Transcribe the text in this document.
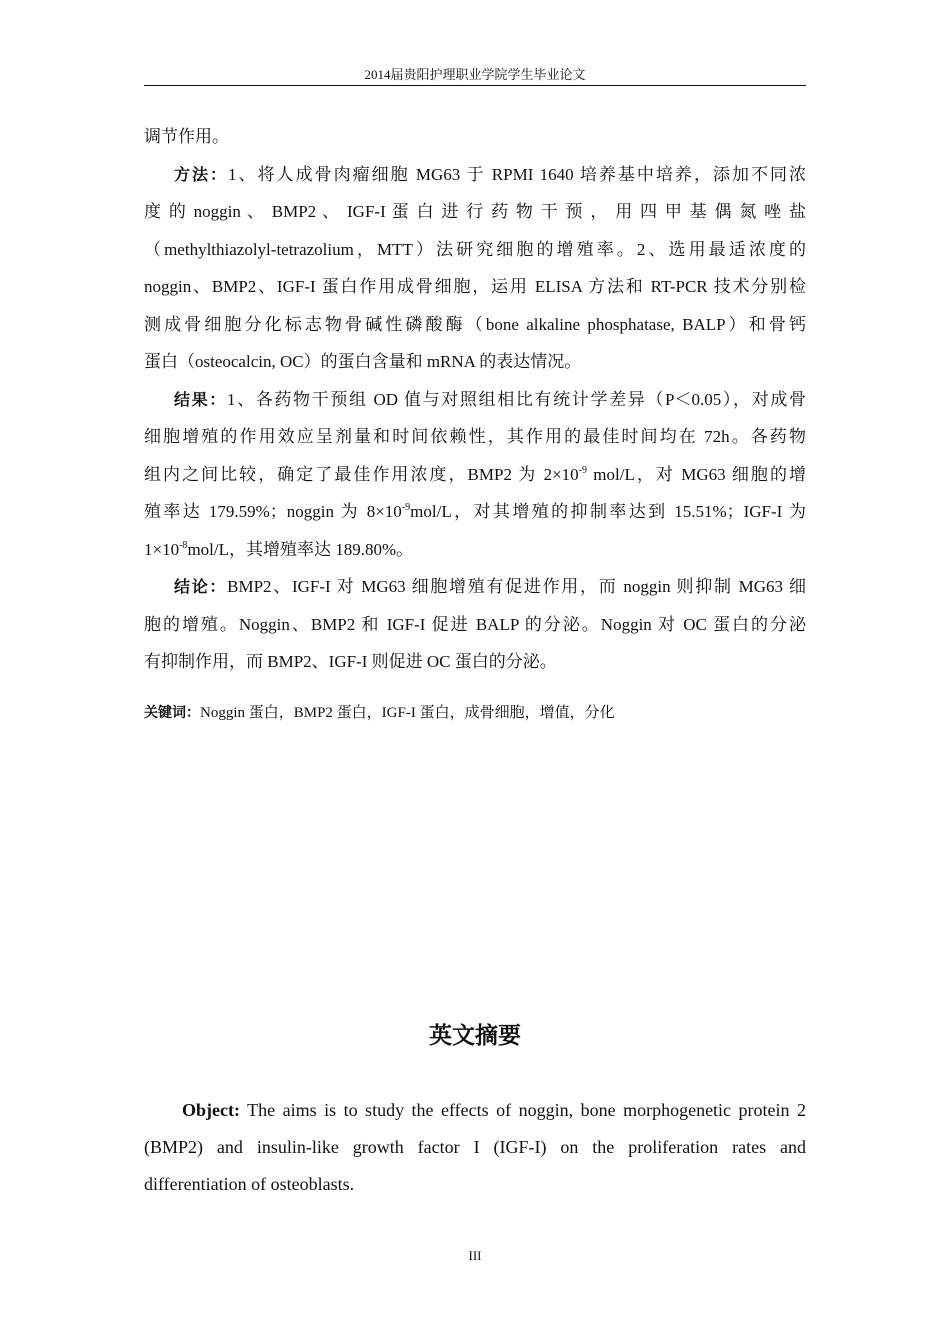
2014届贵阳护理职业学院学生毕业论文

调节作用。

方法：1、将人成骨肉瘤细胞 MG63 于 RPMI 1640 培养基中培养，添加不同浓
度 的 noggin 、 BMP2 、 IGF-I 蛋 白 进 行 药 物 干 预 ， 用 四 甲 基 偶 氮 唑 盐
（methylthiazolyl-tetrazolium，MTT）法研究细胞的增殖率。2、选用最适浓度的
noggin、BMP2、IGF-I 蛋白作用成骨细胞，运用 ELISA 方法和 RT-PCR 技术分别检
测成骨细胞分化标志物骨碱性磷酸酶（bone alkaline phosphatase, BALP）和骨钙
蛋白（osteocalcin, OC）的蛋白含量和 mRNA 的表达情况。

结果：1、各药物干预组 OD 值与对照组相比有统计学差异（P＜0.05），对成骨
细胞增殖的作用效应呈剂量和时间依赖性，其作用的最佳时间均在 72h。各药物
组内之间比较，确定了最佳作用浓度，BMP2 为 $2\times 10^{-9}$ mol/L，对 MG63 细胞的增
殖率达 179.59%；noggin 为 $8\times 10^{-9}mol/L$，对其增殖的抑制率达到 15.51%；IGF-I 为
$1\times 10^{-8}mol/L$，其增殖率达 189.80%。

结论：BMP2、IGF-I 对 MG63 细胞增殖有促进作用，而 noggin 则抑制 MG63 细
胞的增殖。Noggin、BMP2 和 IGF-I 促进 BALP 的分泌。Noggin 对 OC 蛋白的分泌
有抑制作用，而 BMP2、IGF-I 则促进 OC 蛋白的分泌。

关键词：Noggin 蛋白，BMP2 蛋白，IGF-I 蛋白，成骨细胞，增值，分化
英文摘要
Object: The aims is to study the effects of noggin, bone morphogenetic protein 2
(BMP2) and insulin-like growth factor I (IGF-I) on the proliferation rates and
differentiation of osteoblasts.
III
